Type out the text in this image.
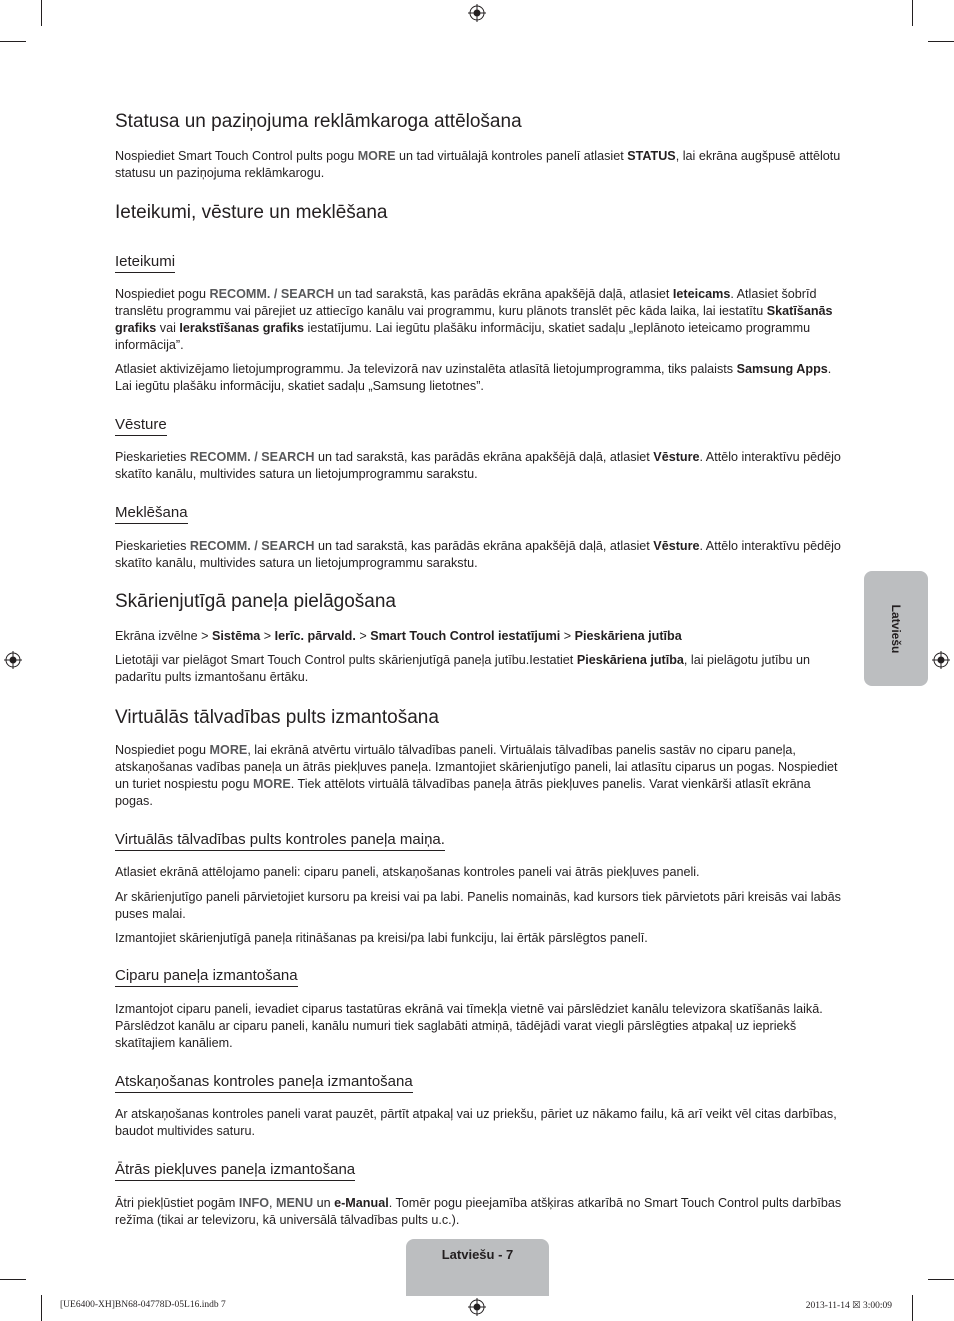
Statusa un paziņojuma reklāmkaroga attēlošana

Nospiediet Smart Touch Control pults pogu MORE un tad virtuālajā kontroles panelī atlasiet STATUS, lai ekrāna augšpusē attēlotu statusu un paziņojuma reklāmkarogu.

Ieteikumi, vēsture un meklēšana
Ieteikumi

Nospiediet pogu RECOMM. / SEARCH un tad sarakstā, kas parādās ekrāna apakšējā daļā, atlasiet Ieteicams. Atlasiet šobrīd translētu programmu vai pārejiet uz attiecīgo kanālu vai programmu, kuru plānots translēt pēc kāda laika, lai iestatītu Skatīšanās grafiks vai Ierakstīšanas grafiks iestatījumu. Lai iegūtu plašāku informāciju, skatiet sadaļu „Ieplānoto ieteicamo programmu informācija”.

Atlasiet aktivizējamo lietojumprogrammu. Ja televizorā nav uzinstalēta atlasītā lietojumprogramma, tiks palaists Samsung Apps. Lai iegūtu plašāku informāciju, skatiet sadaļu „Samsung lietotnes”.

Vēsture

Pieskarieties RECOMM. / SEARCH un tad sarakstā, kas parādās ekrāna apakšējā daļā, atlasiet Vēsture. Attēlo interaktīvu pēdējo skatīto kanālu, multivides satura un lietojumprogrammu sarakstu.

Meklēšana

Pieskarieties RECOMM. / SEARCH un tad sarakstā, kas parādās ekrāna apakšējā daļā, atlasiet Vēsture. Attēlo interaktīvu pēdējo skatīto kanālu, multivides satura un lietojumprogrammu sarakstu.

Skārienjutīgā paneļa pielāgošana

Ekrāna izvēlne > Sistēma > Ierīc. pārvald. > Smart Touch Control iestatījumi > Pieskāriena jutība

Lietotāji var pielāgot Smart Touch Control pults skārienjutīgā paneļa jutību.Iestatiet Pieskāriena jutība, lai pielāgotu jutību un padarītu pults izmantošanu ērtāku.

Virtuālās tālvadības pults izmantošana

Nospiediet pogu MORE, lai ekrānā atvērtu virtuālo tālvadības paneli. Virtuālais tālvadības panelis sastāv no ciparu paneļa, atskaņošanas vadības paneļa un ātrās piekļuves paneļa. Izmantojiet skārienjutīgo paneli, lai atlasītu ciparus un pogas. Nospiediet un turiet nospiestu pogu MORE. Tiek attēlots virtuālā tālvadības paneļa ātrās piekļuves panelis. Varat vienkārši atlasīt ekrāna pogas.

Virtuālās tālvadības pults kontroles paneļa maiņa.

Atlasiet ekrānā attēlojamo paneli: ciparu paneli, atskaņošanas kontroles paneli vai ātrās piekļuves paneli.

Ar skārienjutīgo paneli pārvietojiet kursoru pa kreisi vai pa labi. Panelis nomainās, kad kursors tiek pārvietots pāri kreisās vai labās puses malai.

Izmantojiet skārienjutīgā paneļa ritināšanas pa kreisi/pa labi funkciju, lai ērtāk pārslēgtos panelī.

Ciparu paneļa izmantošana

Izmantojot ciparu paneli, ievadiet ciparus tastatūras ekrānā vai tīmekļa vietnē vai pārslēdziet kanālu televizora skatīšanās laikā. Pārslēdzot kanālu ar ciparu paneli, kanālu numuri tiek saglabāti atmiņā, tādējādi varat viegli pārslēgties atpakaļ uz iepriekš skatītajiem kanāliem.

Atskaņošanas kontroles paneļa izmantošana

Ar atskaņošanas kontroles paneli varat pauzēt, pārtīt atpakaļ vai uz priekšu, pāriet uz nākamo failu, kā arī veikt vēl citas darbības, baudot multivides saturu.

Ātrās piekļuves paneļa izmantošana

Ātri piekļūstiet pogām INFO, MENU un e-Manual. Tomēr pogu pieejamība atšķiras atkarībā no Smart Touch Control pults darbības režīma (tikai ar televizoru, kā universālā tālvadības pults u.c.).

Latviešu
Latviešu - 7
[UE6400-XH]BN68-04778D-05L16.indb 7	2013-11-14 ☒ 3:00:09
